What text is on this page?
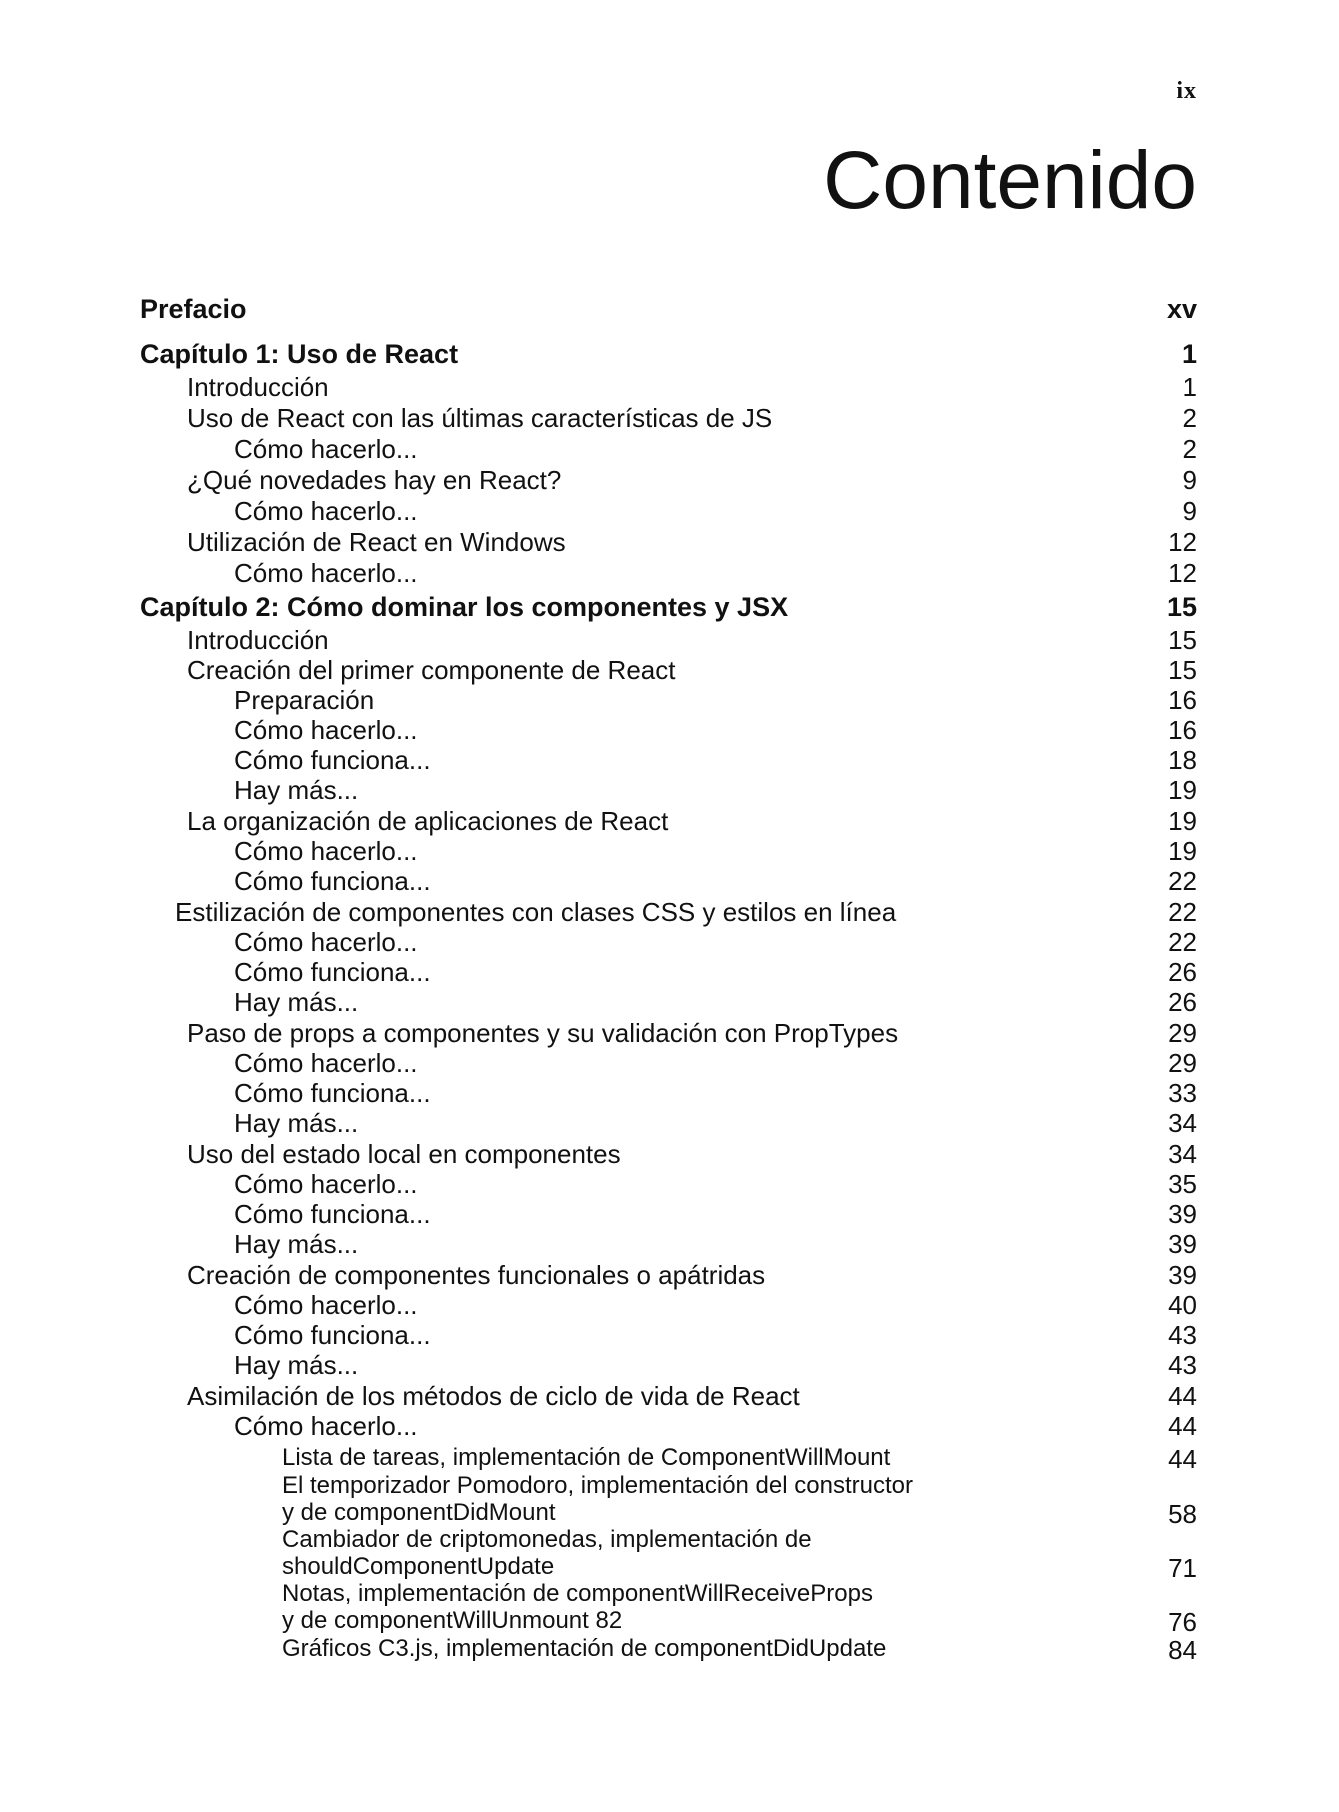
ix
Contenido
Prefacio	xv
Capítulo 1: Uso de React	1
Introducción	1
Uso de React con las últimas características de JS	2
Cómo hacerlo...	2
¿Qué novedades hay en React?	9
Cómo hacerlo...	9
Utilización de React en Windows	12
Cómo hacerlo...	12
Capítulo 2: Cómo dominar los componentes y JSX	15
Introducción	15
Creación del primer componente de React	15
Preparación	16
Cómo hacerlo...	16
Cómo funciona...	18
Hay más...	19
La organización de aplicaciones de React	19
Cómo hacerlo...	19
Cómo funciona...	22
Estilización de componentes con clases CSS y estilos en línea	22
Cómo hacerlo...	22
Cómo funciona...	26
Hay más...	26
Paso de props a componentes y su validación con PropTypes	29
Cómo hacerlo...	29
Cómo funciona...	33
Hay más...	34
Uso del estado local en componentes	34
Cómo hacerlo...	35
Cómo funciona...	39
Hay más...	39
Creación de componentes funcionales o apátridas	39
Cómo hacerlo...	40
Cómo funciona...	43
Hay más...	43
Asimilación de los métodos de ciclo de vida de React	44
Cómo hacerlo...	44
Lista de tareas, implementación de ComponentWillMount	44
El temporizador Pomodoro, implementación del constructor
y de componentDidMount	58
Cambiador de criptomonedas, implementación de
shouldComponentUpdate	71
Notas, implementación de componentWillReceiveProps
y de componentWillUnmount 82	76
Gráficos C3.js, implementación de componentDidUpdate	84
